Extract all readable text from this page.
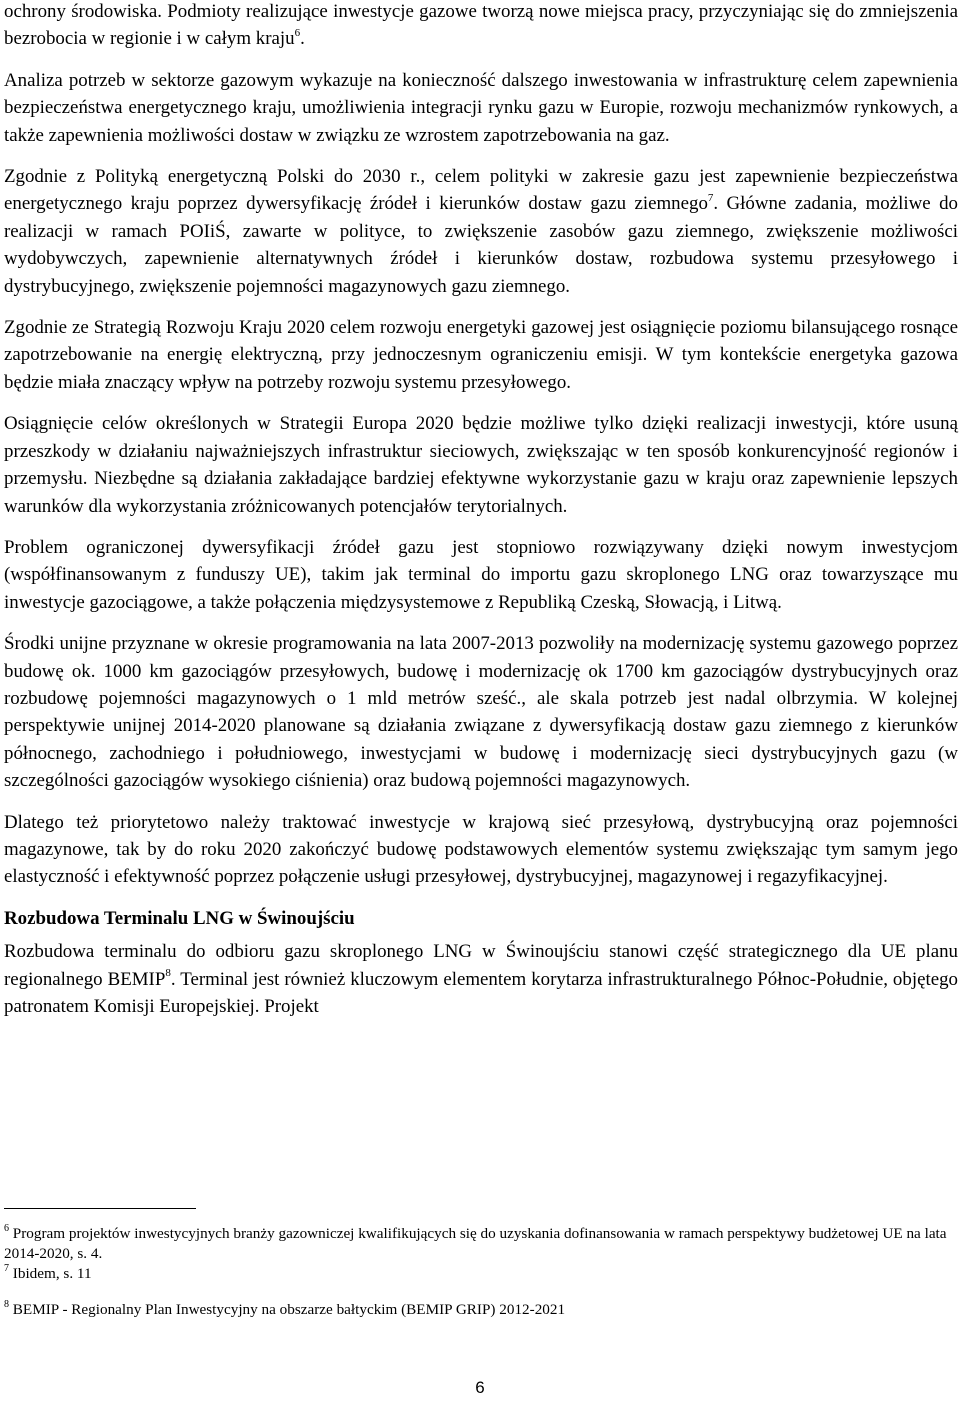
ochrony środowiska. Podmioty realizujące inwestycje gazowe tworzą nowe miejsca pracy, przyczyniając się do zmniejszenia bezrobocia w regionie i w całym kraju$^6$.

Analiza potrzeb w sektorze gazowym wykazuje na konieczność dalszego inwestowania w infrastrukturę celem zapewnienia bezpieczeństwa energetycznego kraju, umożliwienia integracji rynku gazu w Europie, rozwoju mechanizmów rynkowych, a także zapewnienia możliwości dostaw w związku ze wzrostem zapotrzebowania na gaz.

Zgodnie z Polityką energetyczną Polski do 2030 r., celem polityki w zakresie gazu jest zapewnienie bezpieczeństwa energetycznego kraju poprzez dywersyfikację źródeł i kierunków dostaw gazu ziemnego$^7$. Główne zadania, możliwe do realizacji w ramach POIiŚ, zawarte w polityce, to zwiększenie zasobów gazu ziemnego, zwiększenie możliwości wydobywczych, zapewnienie alternatywnych źródeł i kierunków dostaw, rozbudowa systemu przesyłowego i dystrybucyjnego, zwiększenie pojemności magazynowych gazu ziemnego.

Zgodnie ze Strategią Rozwoju Kraju 2020 celem rozwoju energetyki gazowej jest osiągnięcie poziomu bilansującego rosnące zapotrzebowanie na energię elektryczną, przy jednoczesnym ograniczeniu emisji. W tym kontekście energetyka gazowa będzie miała znaczący wpływ na potrzeby rozwoju systemu przesyłowego.

Osiągnięcie celów określonych w Strategii Europa 2020 będzie możliwe tylko dzięki realizacji inwestycji, które usuną przeszkody w działaniu najważniejszych infrastruktur sieciowych, zwiększając w ten sposób konkurencyjność regionów i przemysłu. Niezbędne są działania zakładające bardziej efektywne wykorzystanie gazu w kraju oraz zapewnienie lepszych warunków dla wykorzystania zróżnicowanych potencjałów terytorialnych.

Problem ograniczonej dywersyfikacji źródeł gazu jest stopniowo rozwiązywany dzięki nowym inwestycjom (współfinansowanym z funduszy UE), takim jak terminal do importu gazu skroplonego LNG oraz towarzyszące mu inwestycje gazociągowe, a także połączenia międzysystemowe z Republiką Czeską, Słowacją, i Litwą.

Środki unijne przyznane w okresie programowania na lata 2007-2013 pozwoliły na modernizację systemu gazowego poprzez budowę ok. 1000 km gazociągów przesyłowych, budowę i modernizację ok 1700 km gazociągów dystrybucyjnych oraz rozbudowę pojemności magazynowych o 1 mld metrów sześć., ale skala potrzeb jest nadal olbrzymia. W kolejnej perspektywie unijnej 2014-2020 planowane są działania związane z dywersyfikacją dostaw gazu ziemnego z kierunków północnego, zachodniego i południowego, inwestycjami w budowę i modernizację sieci dystrybucyjnych gazu (w szczególności gazociągów wysokiego ciśnienia) oraz budową pojemności magazynowych.

Dlatego też priorytetowo należy traktować inwestycje w krajową sieć przesyłową, dystrybucyjną oraz pojemności magazynowe, tak by do roku 2020 zakończyć budowę podstawowych elementów systemu zwiększając tym samym jego elastyczność i efektywność poprzez połączenie usługi przesyłowej, dystrybucyjnej, magazynowej i regazyfikacyjnej.

Rozbudowa Terminalu LNG w Świnoujściu

Rozbudowa terminalu do odbioru gazu skroplonego LNG w Świnoujściu stanowi część strategicznego dla UE planu regionalnego BEMIP$^8$. Terminal jest również kluczowym elementem korytarza infrastrukturalnego Północ-Południe, objętego patronatem Komisji Europejskiej. Projekt

$^6$ Program projektów inwestycyjnych branży gazowniczej kwalifikujących się do uzyskania dofinansowania w ramach perspektywy budżetowej UE na lata 2014-2020, s. 4.

$^7$ Ibidem, s. 11

$^8$ BEMIP - Regionalny Plan Inwestycyjny na obszarze bałtyckim (BEMIP GRIP) 2012-2021

6
